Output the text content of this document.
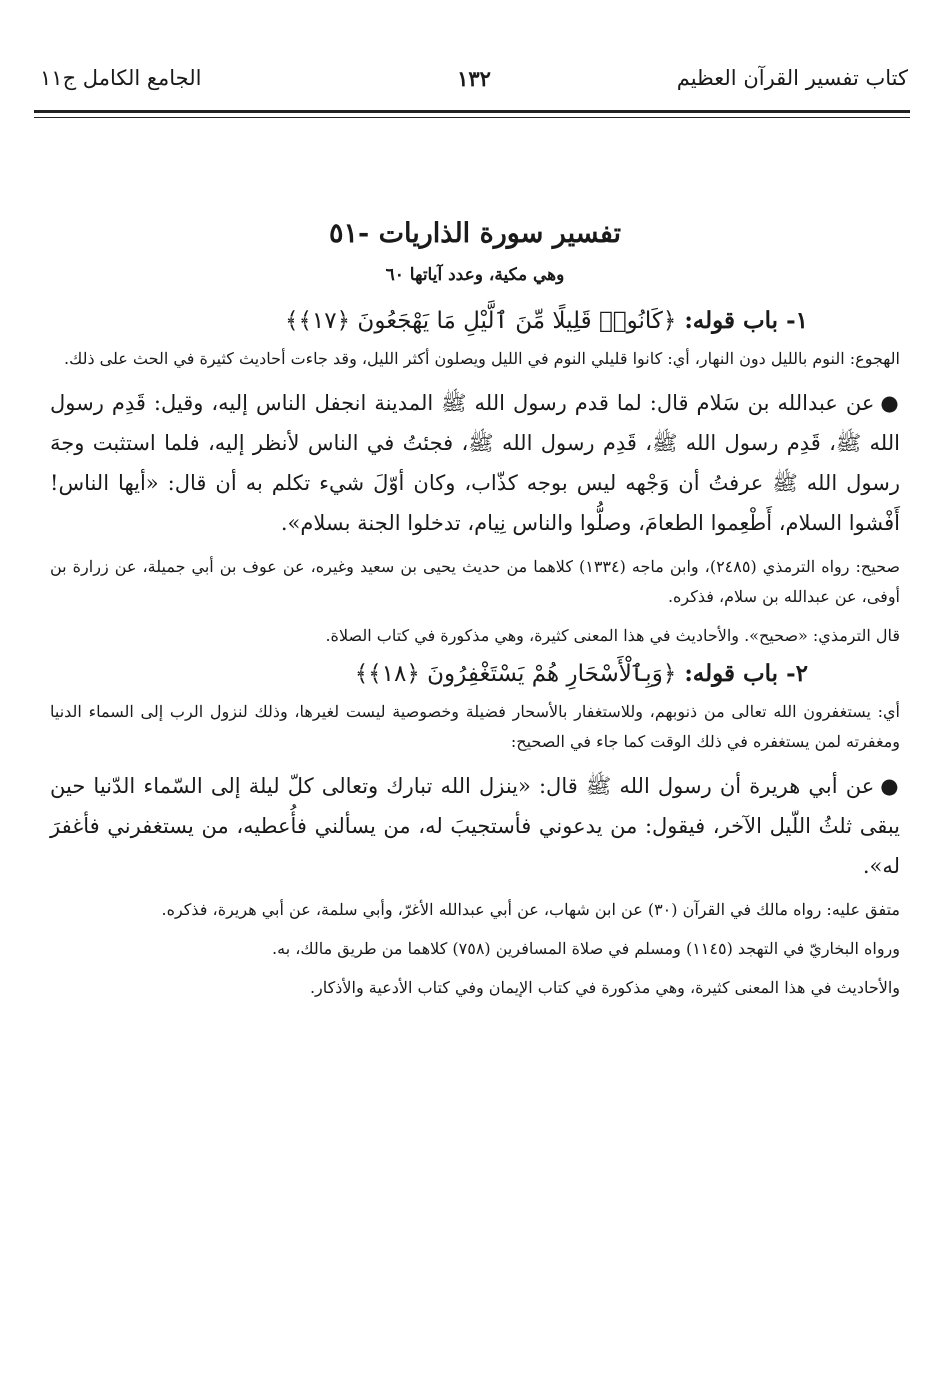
كتاب تفسير القرآن العظيم
١٣٢
الجامع الكامل ج١١
تفسير سورة الذاريات -٥١
وهي مكية، وعدد آياتها ٦٠
١- باب قوله: ﴿كَانُوا۟ قَلِيلًا مِّنَ ٱلَّيْلِ مَا يَهْجَعُونَ ﴿١٧﴾﴾

الهجوع: النوم بالليل دون النهار، أي: كانوا قليلي النوم في الليل ويصلون أكثر الليل، وقد جاءت أحاديث كثيرة في الحث على ذلك.

●عن عبدالله بن سَلام قال: لما قدم رسول الله ﷺ المدينة انجفل الناس إليه، وقيل: قَدِم رسول الله ﷺ، قَدِم رسول الله ﷺ، قَدِم رسول الله ﷺ، فجئتُ في الناس لأنظر إليه، فلما استثبت وجهَ رسول الله ﷺ عرفتُ أن وَجْهه ليس بوجه كذّاب، وكان أوّلَ شيء تكلم به أن قال: «أيها الناس! أَفْشوا السلام، أَطْعِموا الطعامَ، وصلُّوا والناس نِيام، تدخلوا الجنة بسلام».

صحيح: رواه الترمذي (٢٤٨٥)، وابن ماجه (١٣٣٤) كلاهما من حديث يحيى بن سعيد وغيره، عن عوف بن أبي جميلة، عن زرارة بن أوفى، عن عبدالله بن سلام، فذكره.

قال الترمذي: «صحيح». والأحاديث في هذا المعنى كثيرة، وهي مذكورة في كتاب الصلاة.

٢- باب قوله: ﴿وَبِٱلْأَسْحَارِ هُمْ يَسْتَغْفِرُونَ ﴿١٨﴾﴾

أي: يستغفرون الله تعالى من ذنوبهم، وللاستغفار بالأسحار فضيلة وخصوصية ليست لغيرها، وذلك لنزول الرب إلى السماء الدنيا ومغفرته لمن يستغفره في ذلك الوقت كما جاء في الصحيح:

●عن أبي هريرة أن رسول الله ﷺ قال: «ينزل الله تبارك وتعالى كلّ ليلة إلى السّماء الدّنيا حين يبقى ثلثُ اللّيل الآخر، فيقول: من يدعوني فأستجيبَ له، من يسألني فأُعطيه، من يستغفرني فأغفرَ له».

متفق عليه: رواه مالك في القرآن (٣٠) عن ابن شهاب، عن أبي عبدالله الأغرّ، وأبي سلمة، عن أبي هريرة، فذكره.

ورواه البخاريّ في التهجد (١١٤٥) ومسلم في صلاة المسافرين (٧٥٨) كلاهما من طريق مالك، به.

والأحاديث في هذا المعنى كثيرة، وهي مذكورة في كتاب الإيمان وفي كتاب الأدعية والأذكار.
